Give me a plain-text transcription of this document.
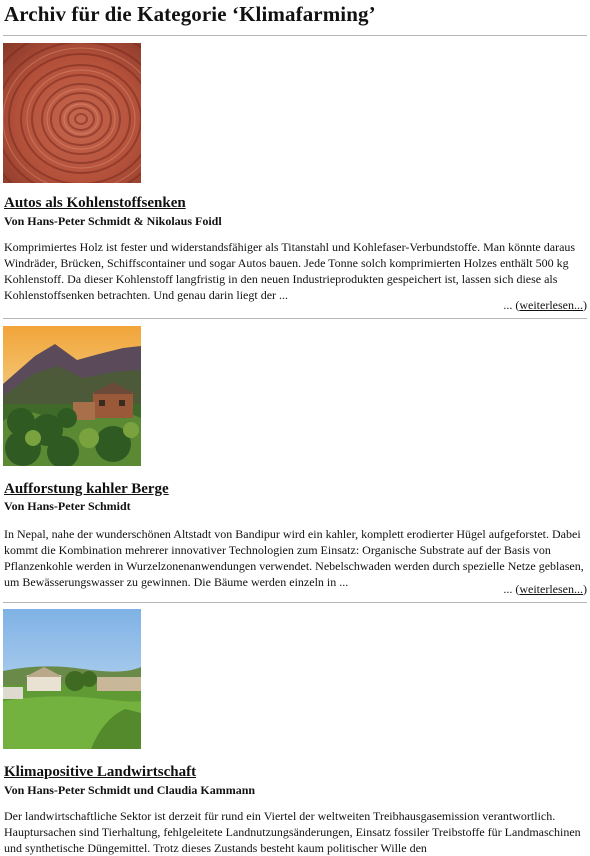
Archiv für die Kategorie ‘Klimafarming’
Autos als Kohlenstoffsenken

Von Hans-Peter Schmidt & Nikolaus Foidl

Komprimiertes Holz ist fester und widerstandsfähiger als Titanstahl und Kohlefaser-Verbundstoffe. Man könnte daraus Windräder, Brücken, Schiffscontainer und sogar Autos bauen. Jede Tonne solch komprimierten Holzes enthält 500 kg Kohlenstoff. Da dieser Kohlenstoff langfristig in den neuen Industrieprodukten gespeichert ist, lassen sich diese als Kohlenstoffsenken betrachten. Und genau darin liegt der ...

... (weiterlesen...)

Aufforstung kahler Berge

Von Hans-Peter Schmidt

In Nepal, nahe der wunderschönen Altstadt von Bandipur wird ein kahler, komplett erodierter Hügel aufgeforstet. Dabei kommt die Kombination mehrerer innovativer Technologien zum Einsatz: Organische Substrate auf der Basis von Pflanzenkohle werden in Wurzelzonenanwendungen verwendet. Nebelschwaden werden durch spezielle Netze geblasen, um Bewässerungswasser zu gewinnen. Die Bäume werden einzeln in ...	... (weiterlesen...)

Klimapositive Landwirtschaft

Von Hans-Peter Schmidt und Claudia Kammann

Der landwirtschaftliche Sektor ist derzeit für rund ein Viertel der weltweiten Treibhausgasemission verantwortlich. Hauptursachen sind Tierhaltung, fehlgeleitete Landnutzungsänderungen, Einsatz fossiler Treibstoffe für Landmaschinen und synthetische Düngemittel. Trotz dieses Zustands besteht kaum politischer Wille den
